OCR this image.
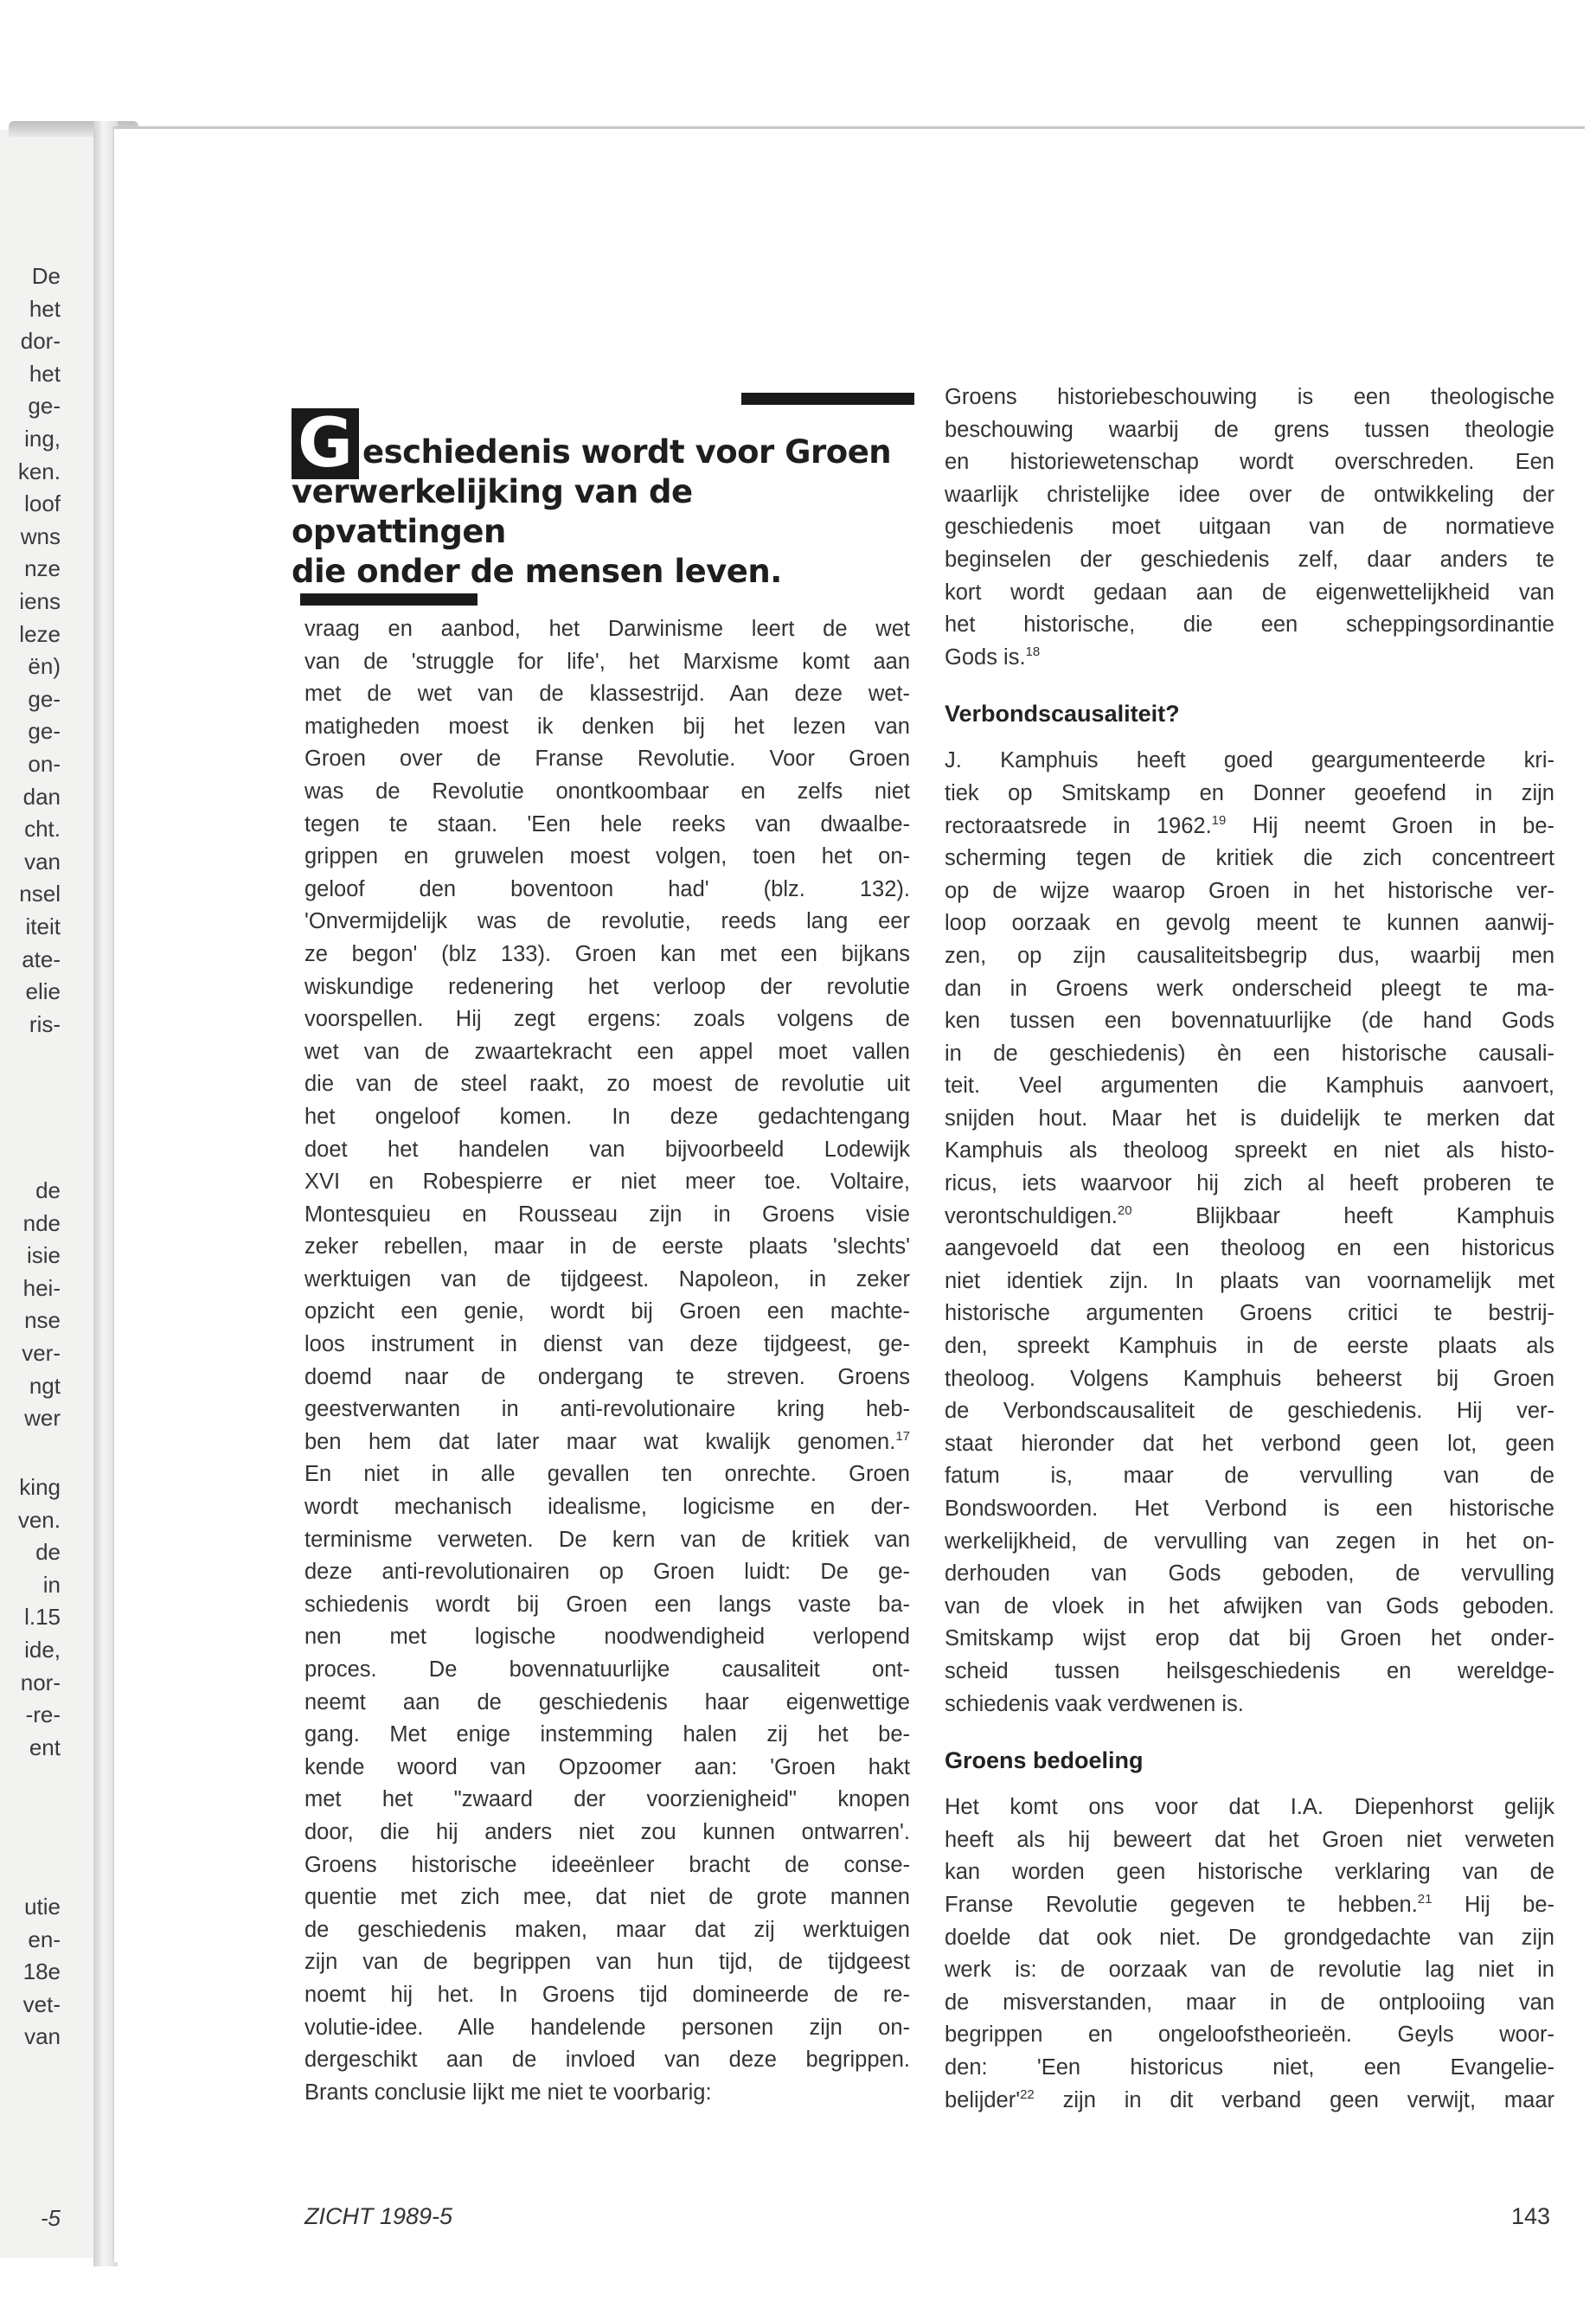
De
het
dor-
het
ge-
ing,
ken.
loof
wns
nze
iens
leze
ën)
ge-
ge-
on-
dan
cht.
van
nsel
iteit
ate-
elie
ris-
de
nde
isie
hei-
nse
ver-
ngt
wer
king
ven.
de
in
l.15
ide,
nor-
-re-
ent
utie
en-
18e
vet-
van
-5
G eschiedenis wordt voor Groen
verwerkelijking van de opvattingen
die onder de mensen leven.
vraag en aanbod, het Darwinisme leert de wet
van de 'struggle for life', het Marxisme komt aan
met de wet van de klassestrijd. Aan deze wet-
matigheden moest ik denken bij het lezen van
Groen over de Franse Revolutie. Voor Groen
was de Revolutie onontkoombaar en zelfs niet
tegen te staan. 'Een hele reeks van dwaalbe-
grippen en gruwelen moest volgen, toen het on-
geloof den boventoon had' (blz. 132).
'Onvermijdelijk was de revolutie, reeds lang eer
ze begon' (blz 133). Groen kan met een bijkans
wiskundige redenering het verloop der revolutie
voorspellen. Hij zegt ergens: zoals volgens de
wet van de zwaartekracht een appel moet vallen
die van de steel raakt, zo moest de revolutie uit
het ongeloof komen. In deze gedachtengang
doet het handelen van bijvoorbeeld Lodewijk
XVI en Robespierre er niet meer toe. Voltaire,
Montesquieu en Rousseau zijn in Groens visie
zeker rebellen, maar in de eerste plaats 'slechts'
werktuigen van de tijdgeest. Napoleon, in zeker
opzicht een genie, wordt bij Groen een machte-
loos instrument in dienst van deze tijdgeest, ge-
doemd naar de ondergang te streven. Groens
geestverwanten in anti-revolutionaire kring heb-
ben hem dat later maar wat kwalijk genomen.$^{17}$
En niet in alle gevallen ten onrechte. Groen
wordt mechanisch idealisme, logicisme en der-
terminisme verweten. De kern van de kritiek van
deze anti-revolutionairen op Groen luidt: De ge-
schiedenis wordt bij Groen een langs vaste ba-
nen met logische noodwendigheid verlopend
proces. De bovennatuurlijke causaliteit ont-
neemt aan de geschiedenis haar eigenwettige
gang. Met enige instemming halen zij het be-
kende woord van Opzoomer aan: 'Groen hakt
met het "zwaard der voorzienigheid" knopen
door, die hij anders niet zou kunnen ontwarren'.
Groens historische ideeënleer bracht de conse-
quentie met zich mee, dat niet de grote mannen
de geschiedenis maken, maar dat zij werktuigen
zijn van de begrippen van hun tijd, de tijdgeest
noemt hij het. In Groens tijd domineerde de re-
volutie-idee. Alle handelende personen zijn on-
dergeschikt aan de invloed van deze begrippen.
Brants conclusie lijkt me niet te voorbarig:
Groens historiebeschouwing is een theologische
beschouwing waarbij de grens tussen theologie
en historiewetenschap wordt overschreden. Een
waarlijk christelijke idee over de ontwikkeling der
geschiedenis moet uitgaan van de normatieve
beginselen der geschiedenis zelf, daar anders te
kort wordt gedaan aan de eigenwettelijkheid van
het historische, die een scheppingsordinantie
Gods is.$^{18}$

Verbondscausaliteit?

J. Kamphuis heeft goed geargumenteerde kri-
tiek op Smitskamp en Donner geoefend in zijn
rectoraatsrede in 1962.19 Hij neemt Groen in be-
scherming tegen de kritiek die zich concentreert
op de wijze waarop Groen in het historische ver-
loop oorzaak en gevolg meent te kunnen aanwij-
zen, op zijn causaliteitsbegrip dus, waarbij men
dan in Groens werk onderscheid pleegt te ma-
ken tussen een bovennatuurlijke (de hand Gods
in de geschiedenis) èn een historische causali-
teit. Veel argumenten die Kamphuis aanvoert,
snijden hout. Maar het is duidelijk te merken dat
Kamphuis als theoloog spreekt en niet als histo-
ricus, iets waarvoor hij zich al heeft proberen te
verontschuldigen.$^{20}$ Blijkbaar heeft Kamphuis
aangevoeld dat een theoloog en een historicus
niet identiek zijn. In plaats van voornamelijk met
historische argumenten Groens critici te bestrij-
den, spreekt Kamphuis in de eerste plaats als
theoloog. Volgens Kamphuis beheerst bij Groen
de Verbondscausaliteit de geschiedenis. Hij ver-
staat hieronder dat het verbond geen lot, geen
fatum is, maar de vervulling van de
Bondswoorden. Het Verbond is een historische
werkelijkheid, de vervulling van zegen in het on-
derhouden van Gods geboden, de vervulling
van de vloek in het afwijken van Gods geboden.
Smitskamp wijst erop dat bij Groen het onder-
scheid tussen heilsgeschiedenis en wereldge-
schiedenis vaak verdwenen is.

Groens bedoeling

Het komt ons voor dat I.A. Diepenhorst gelijk
heeft als hij beweert dat het Groen niet verweten
kan worden geen historische verklaring van de
Franse Revolutie gegeven te hebben.$^{21}$ Hij be-
doelde dat ook niet. De grondgedachte van zijn
werk is: de oorzaak van de revolutie lag niet in
de misverstanden, maar in de ontplooiing van
begrippen en ongeloofstheorieën. Geyls woor-
den: 'Een historicus niet, een Evangelie-
$belijder'^{22}$ zijn in dit verband geen verwijt, maar
ZICHT 1989-5	143
